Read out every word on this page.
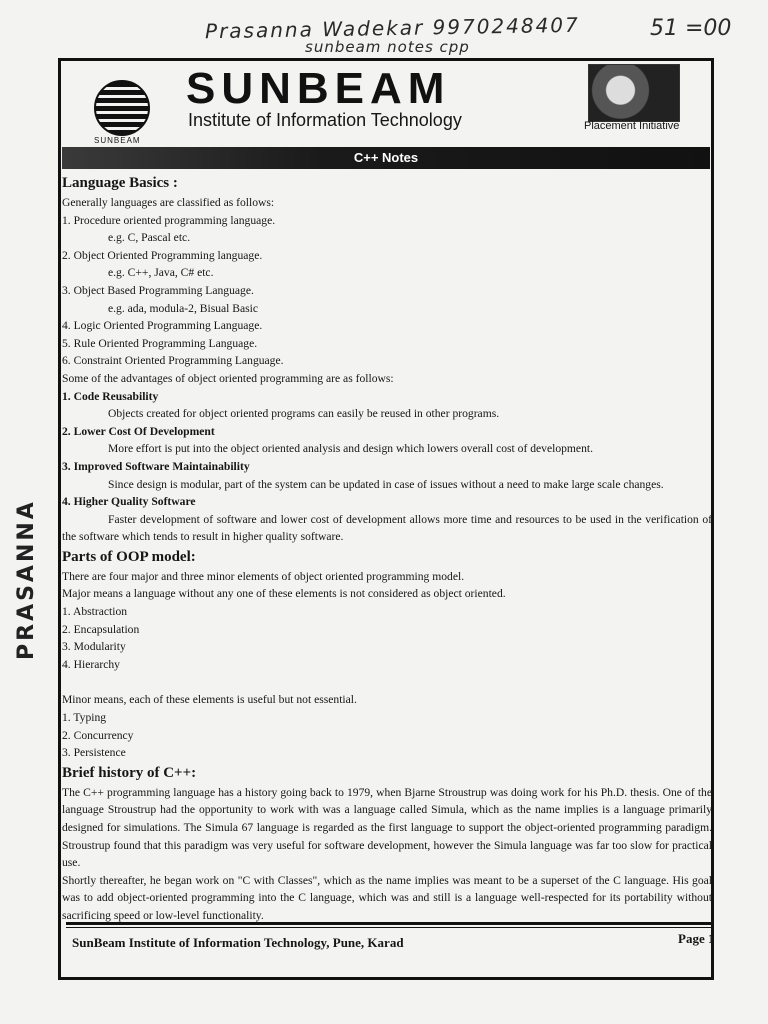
Prasanna Wadekar 9970248407
sunbeam notes cpp
51 =00
PRASANNA
SUNBEAM
SUNBEAM
Institute of Information Technology	Placement Initiative
C++ Notes

Language Basics :

Generally languages are classified as follows:

1. Procedure oriented programming language.

e.g. C, Pascal etc.

2. Object Oriented Programming language.

e.g. C++, Java, C# etc.

3. Object Based Programming Language.

e.g. ada, modula-2, Bisual Basic

4. Logic Oriented Programming Language.

5. Rule Oriented Programming Language.

6. Constraint Oriented Programming Language.

Some of the advantages of object oriented programming are as follows:

1. Code Reusability

Objects created for object oriented programs can easily be reused in other programs.

2. Lower Cost Of Development

More effort is put into the object oriented analysis and design which lowers overall cost of development.

3. Improved Software Maintainability

Since design is modular, part of the system can be updated in case of issues without a need to make large scale changes.

4. Higher Quality Software

Faster development of software and lower cost of development allows more time and resources to be used in the verification of the software which tends to result in higher quality software.

Parts of OOP model:

There are four major and three minor elements of object oriented programming model.

Major means a language without any one of these elements is not considered as object oriented.

1. Abstraction

2. Encapsulation

3. Modularity

4. Hierarchy

Minor means, each of these elements is useful but not essential.

1. Typing

2. Concurrency

3. Persistence

Brief history of C++:

The C++ programming language has a history going back to 1979, when Bjarne Stroustrup was doing work for his Ph.D. thesis. One of the language Stroustrup had the opportunity to work with was a language called Simula, which as the name implies is a language primarily designed for simulations. The Simula 67 language is regarded as the first language to support the object-oriented programming paradigm. Stroustrup found that this paradigm was very useful for software development, however the Simula language was far too slow for practical use.

Shortly thereafter, he began work on "C with Classes", which as the name implies was meant to be a superset of the C language. His goal was to add object-oriented programming into the C language, which was and still is a language well-respected for its portability without sacrificing speed or low-level functionality.

SunBeam Institute of Information Technology, Pune, Karad	Page 1
